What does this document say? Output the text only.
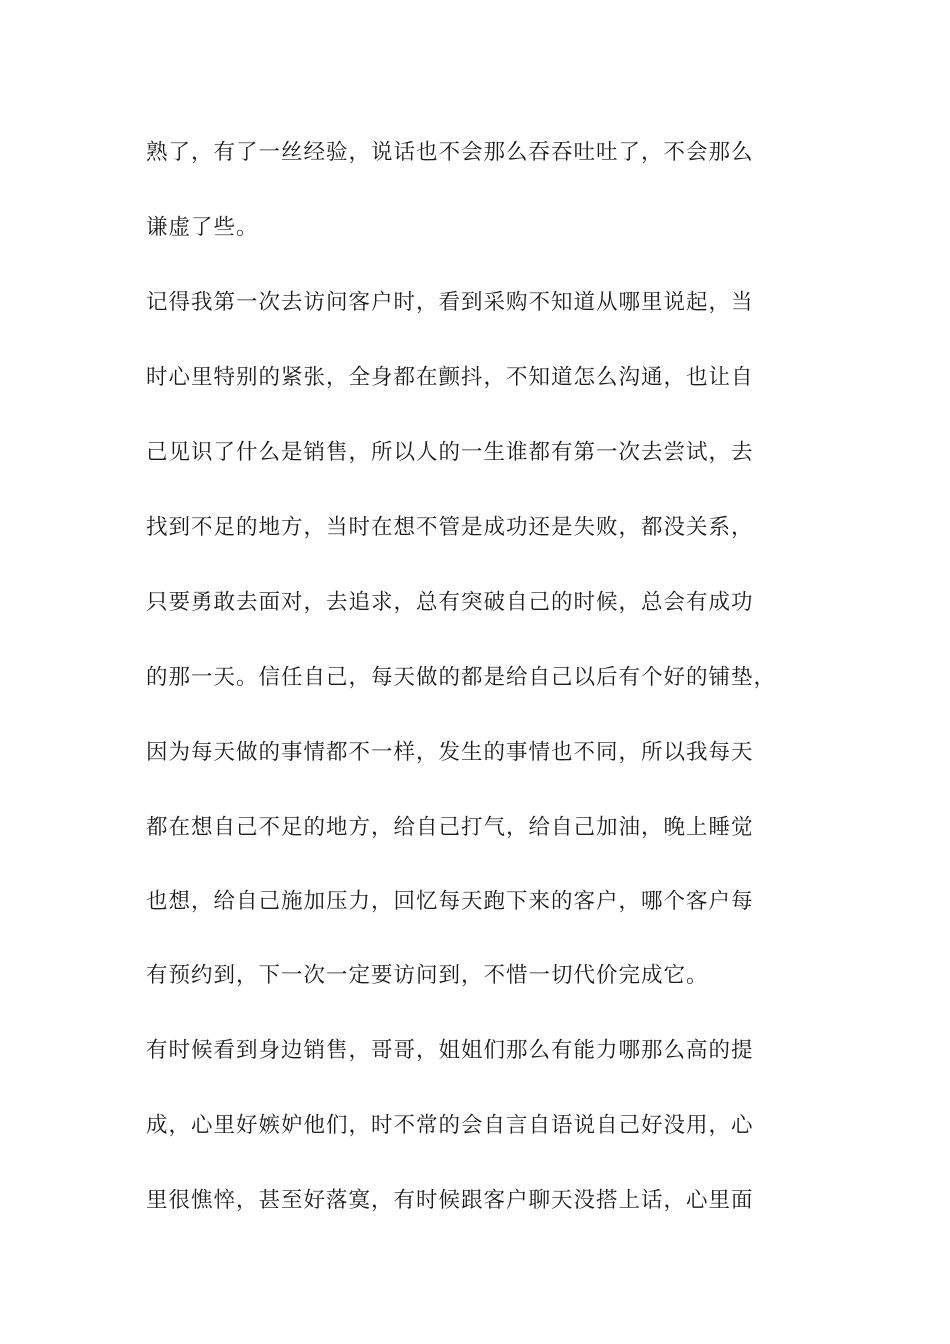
熟了，有了一丝经验，说话也不会那么吞吞吐吐了，不会那么
谦虚了些。
记得我第一次去访问客户时，看到采购不知道从哪里说起，当
时心里特别的紧张，全身都在颤抖，不知道怎么沟通，也让自
己见识了什么是销售，所以人的一生谁都有第一次去尝试，去
找到不足的地方，当时在想不管是成功还是失败，都没关系，
只要勇敢去面对，去追求，总有突破自己的时候，总会有成功
的那一天。信任自己，每天做的都是给自己以后有个好的铺垫，
因为每天做的事情都不一样，发生的事情也不同，所以我每天
都在想自己不足的地方，给自己打气，给自己加油，晚上睡觉
也想，给自己施加压力，回忆每天跑下来的客户，哪个客户每
有预约到，下一次一定要访问到，不惜一切代价完成它。
有时候看到身边销售，哥哥，姐姐们那么有能力哪那么高的提
成，心里好嫉妒他们，时不常的会自言自语说自己好没用，心
里很憔悴，甚至好落寞，有时候跟客户聊天没搭上话，心里面
